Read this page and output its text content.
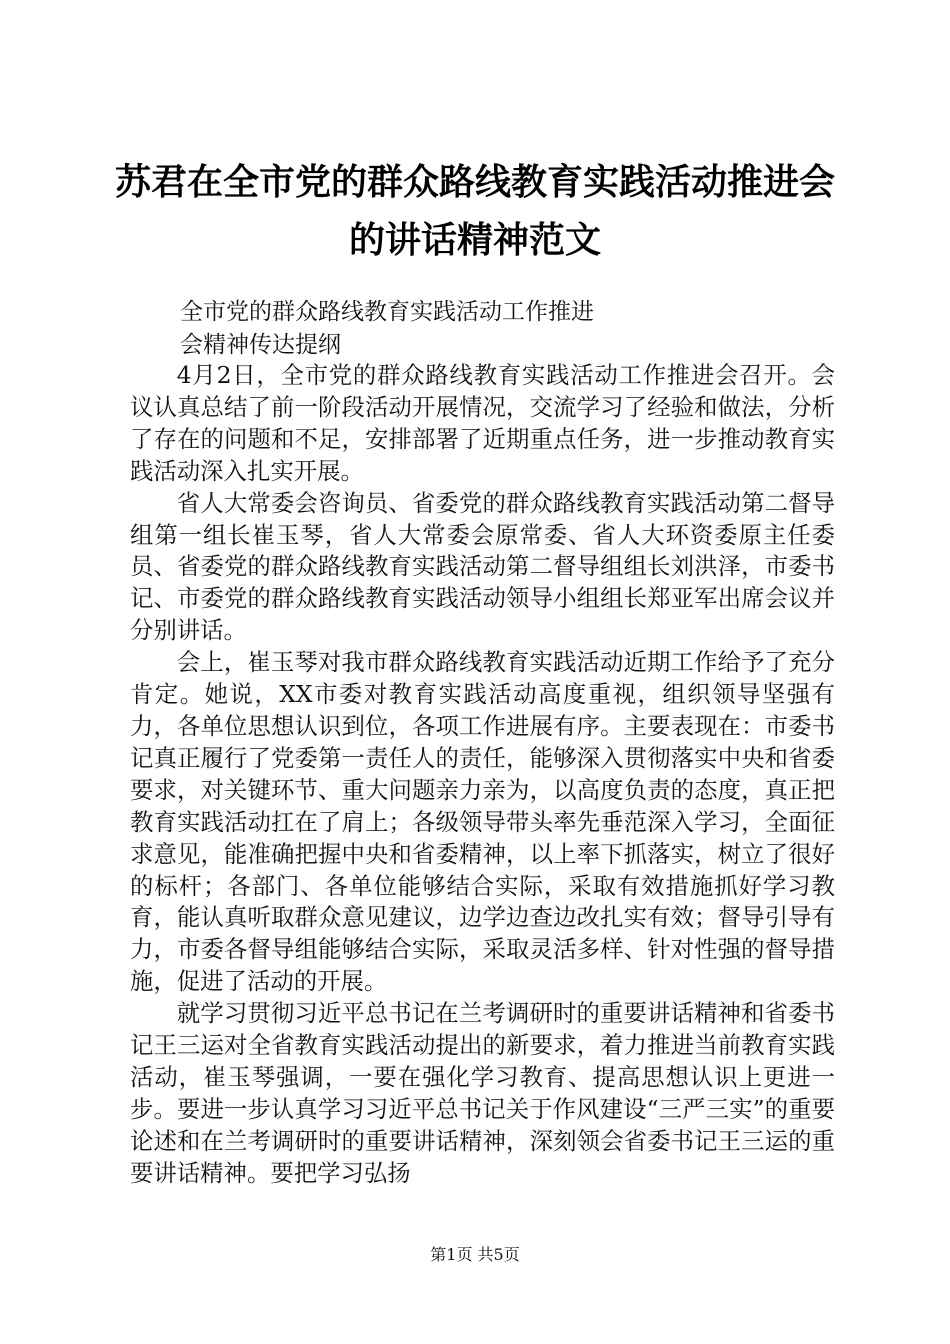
苏君在全市党的群众路线教育实践活动推进会
的讲话精神范文
全市党的群众路线教育实践活动工作推进
会精神传达提纲

4月2日，全市党的群众路线教育实践活动工作推进会召开。会议认真总结了前一阶段活动开展情况，交流学习了经验和做法，分析了存在的问题和不足，安排部署了近期重点任务，进一步推动教育实践活动深入扎实开展。

省人大常委会咨询员、省委党的群众路线教育实践活动第二督导组第一组长崔玉琴，省人大常委会原常委、省人大环资委原主任委员、省委党的群众路线教育实践活动第二督导组组长刘洪泽，市委书记、市委党的群众路线教育实践活动领导小组组长郑亚军出席会议并分别讲话。

会上，崔玉琴对我市群众路线教育实践活动近期工作给予了充分肯定。她说，XX市委对教育实践活动高度重视，组织领导坚强有力，各单位思想认识到位，各项工作进展有序。主要表现在：市委书记真正履行了党委第一责任人的责任，能够深入贯彻落实中央和省委要求，对关键环节、重大问题亲力亲为，以高度负责的态度，真正把教育实践活动扛在了肩上；各级领导带头率先垂范深入学习，全面征求意见，能准确把握中央和省委精神，以上率下抓落实，树立了很好的标杆；各部门、各单位能够结合实际，采取有效措施抓好学习教育，能认真听取群众意见建议，边学边查边改扎实有效；督导引导有力，市委各督导组能够结合实际，采取灵活多样、针对性强的督导措施，促进了活动的开展。

就学习贯彻习近平总书记在兰考调研时的重要讲话精神和省委书记王三运对全省教育实践活动提出的新要求，着力推进当前教育实践活动，崔玉琴强调，一要在强化学习教育、提高思想认识上更进一步。要进一步认真学习习近平总书记关于作风建设“三严三实”的重要论述和在兰考调研时的重要讲话精神，深刻领会省委书记王三运的重要讲话精神。要把学习弘扬

第1页 共5页
